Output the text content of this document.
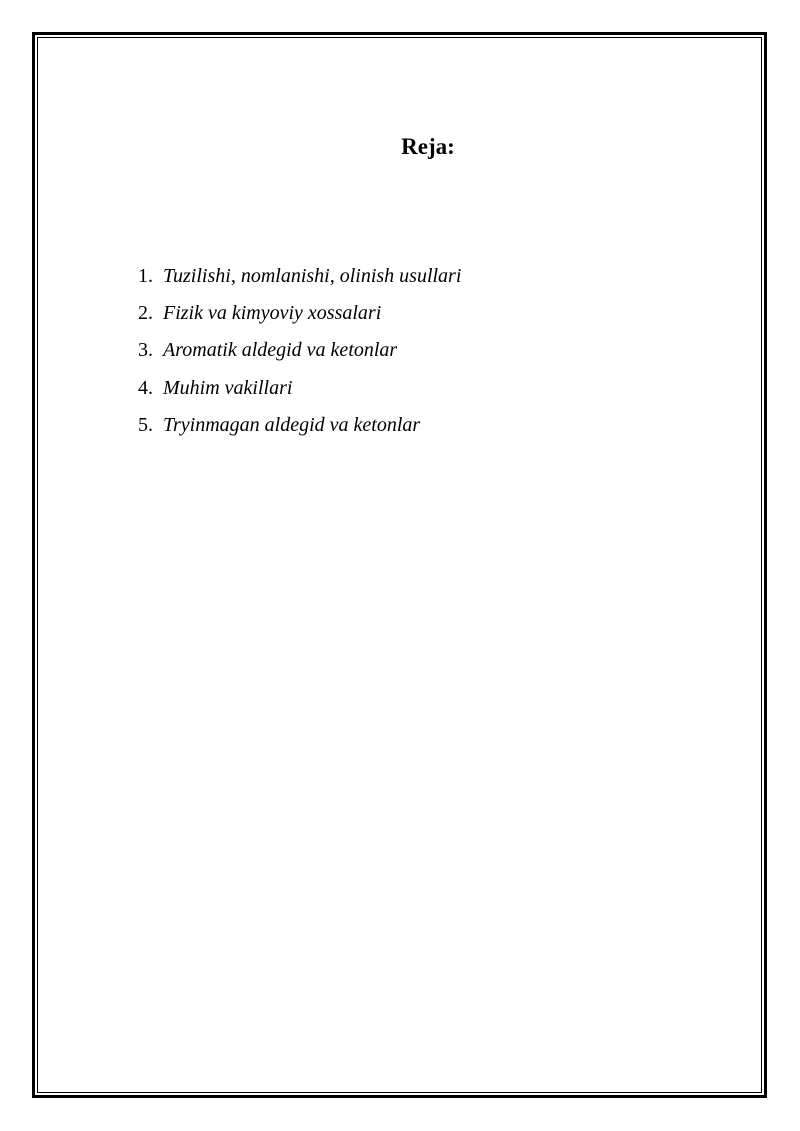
Reja:
1. Tuzilishi, nomlanishi, olinish usullari
2. Fizik va kimyoviy xossalari
3. Aromatik aldegid va ketonlar
4. Muhim vakillari
5. Tryinmagan aldegid va ketonlar
